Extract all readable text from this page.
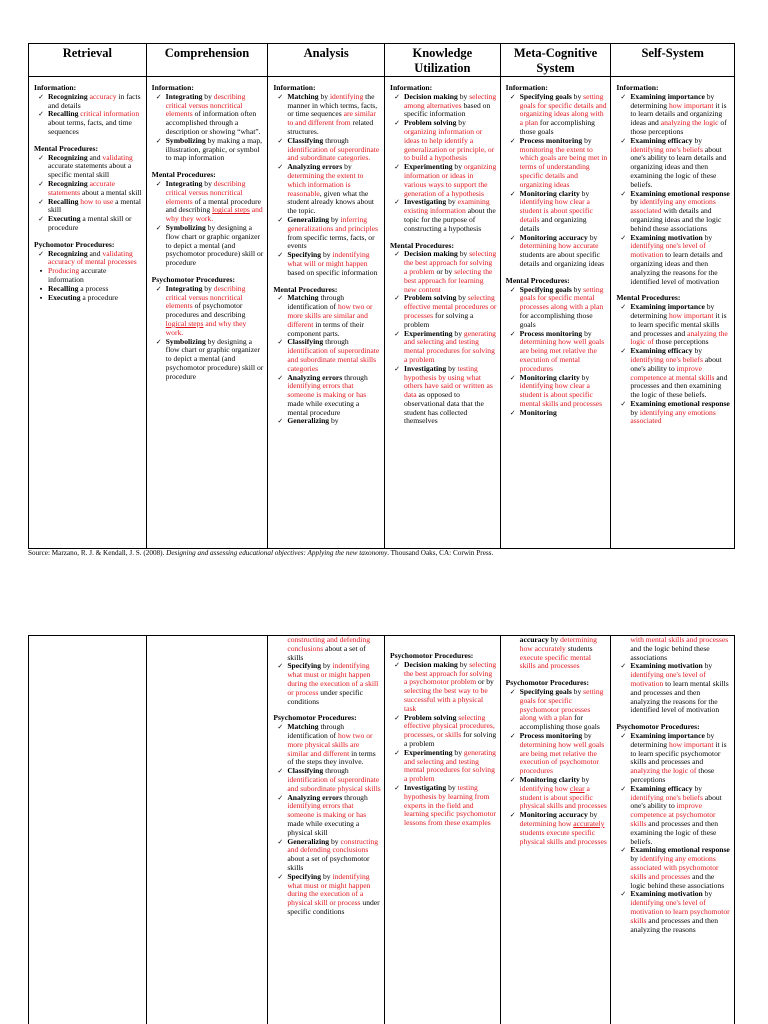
Retrieval
Information:
✓ Recognizing accuracy in facts and details
✓ Recalling critical information about terms, facts, and time sequences
Mental Procedures:
✓ Recognizing and validating accurate statements about a specific mental skill
✓ Recognizing accurate statements about a mental skill
✓ Recalling how to use a mental skill
✓ Executing a mental skill or procedure
Pychomotor Procedures:
✓ Recognizing and validating accuracy of mental processes
▪ Producing accurate information
▪ Recalling a process
▪ Executing a procedure
Comprehension
Information:
✓ Integrating by describing critical versus noncritical elements of information often accomplished through a description or showing “what”.
✓ Symbolizing by making a map, illustration, graphic, or symbol to map information
Mental Procedures:
✓ Integrating by describing critical versus noncritical elements of a mental procedure and describing logical steps and why they work.
✓ Symbolizing by designing a flow chart or graphic organizer to depict a mental (and psychomotor procedure) skill or procedure
Psychomotor Procedures:
✓ Integrating by describing critical versus noncritical elements of psychomotor procedures and describing logical steps and why they work.
✓ Symbolizing by designing a flow chart or graphic organizer to depict a mental (and psychomotor procedure) skill or procedure
Analysis
Information:
✓ Matching by identifying the manner in which terms, facts, or time sequences are similar to and different from related structures.
✓ Classifying through identification of superordinate and subordinate categories.
✓ Analyzing errors by determining the extent to which information is reasonable, given what the student already knows about the topic.
✓ Generalizing by inferring generalizations and principles from specific terms, facts, or events
✓ Specifying by indentifying what will or might happen based on specific information
Mental Procedures:
✓ Matching through identification of how two or more skills are similar and different in terms of their component parts.
✓ Classifying through identification of superordinate and subordinate mental skills categories
✓ Analyzing errors through identifying errors that someone is making or has made while executing a mental procedure
✓ Generalizing by
Knowledge Utilization
Information:
✓ Decision making by selecting among alternatives based on specific information
✓ Problem solving by organizing information or ideas to help identify a generalization or principle, or to build a hypothesis
✓ Experimenting by organizing information or ideas in various ways to support the generation of a hypothesis
✓ Investigating by examining existing information about the topic for the purpose of constructing a hypothesis
Mental Procedures:
✓ Decision making by selecting the best approach for solving a problem or by selecting the best approach for learning new content
✓ Problem solving by selecting effective mental procedures or processes for solving a problem
✓ Experimenting by generating and selecting and testing mental procedures for solving a problem
✓ Investigating by testing hypothesis by using what others have said or written as data as opposed to observational data that the student has collected themselves
Meta-Cognitive System
Information:
✓ Specifying goals by setting goals for specific details and organizing ideas along with a plan for accomplishing those goals
✓ Process monitoring by monitoring the extent to which goals are being met in terms of understanding specific details and organizing ideas
✓ Monitoring clarity by identifying how clear a student is about specific details and organizing details
✓ Monitoring accuracy by determining how accurate students are about specific details and organizing ideas
Mental Procedures:
✓ Specifying goals by setting goals for specific mental processes along with a plan for accomplishing those goals
✓ Process monitoring by determining how well goals are being met relative the execution of mental procedures
✓ Monitoring clarity by identifying how clear a student is about specific mental skills and processes
✓ Monitoring
Self-System
Information:
✓ Examining importance by determining how important it is to learn details and organizing ideas and analyzing the logic of those perceptions
✓ Examining efficacy by identifying one's beliefs about one's ability to learn details and organizing ideas and then examining the logic of these beliefs.
✓ Examining emotional response by identifying any emotions associated with details and organizing ideas and the logic behind these associations
✓ Examining motivation by identifying one's level of motivation to learn details and organizing ideas and then analyzing the reasons for the identified level of motivation
Mental Procedures:
✓ Examining importance by determining how important it is to learn specific mental skills and processes and analyzing the logic of those perceptions
✓ Examining efficacy by identifying one's beliefs about one's ability to improve competence at mental skills and processes and then examining the logic of these beliefs.
✓ Examining emotional response by identifying any emotions associated
Source: Marzano, R. J. & Kendall, J. S. (2008). Designing and assessing educational objectives: Applying the new taxonomy. Thousand Oaks, CA: Corwin Press.
constructing and defending conclusions about a set of skills
✓ Specifying by indentifying what must or might happen during the execution of a skill or process under specific conditions
Psychomotor Procedures:
✓ Matching through identification of how two or more physical skills are similar and different in terms of the steps they involve.
✓ Classifying through identification of superordinate and subordinate physical skills
✓ Analyzing errors through identifying errors that someone is making or has made while executing a physical skill
✓ Generalizing by constructing and defending conclusions about a set of psychomotor skills
✓ Specifying by indentifying what must or might happen during the execution of a physical skill or process under specific conditions
Psychomotor Procedures:
✓ Decision making by selecting the best approach for solving a psychomotor problem or by selecting the best way to be successful with a physical task
✓ Problem solving selecting effective physical procedures, processes, or skills for solving a problem
✓ Experimenting by generating and selecting and testing mental procedures for solving a problem
✓ Investigating by testing hypothesis by learning from experts in the field and learning specific psychomotor lessons from these examples
accuracy by determining how accurately students execute specific mental skills and processes
Psychomotor Procedures:
✓ Specifying goals by setting goals for specific psychomotor processes along with a plan for accomplishing those goals
✓ Process monitoring by determining how well goals are being met relative the execution of psychomotor procedures
✓ Monitoring clarity by identifying how clear a student is about specific physical skills and processes
✓ Monitoring accuracy by determining how accurately students execute specific physical skills and processes
with mental skills and processes and the logic behind these associations
✓ Examining motivation by identifying one's level of motivation to learn mental skills and processes and then analyzing the reasons for the identified level of motivation
Psychomotor Procedures:
✓ Examining importance by determining how important it is to learn specific psychomotor skills and processes and analyzing the logic of those perceptions
✓ Examining efficacy by identifying one's beliefs about one's ability to improve competence at psychomotor skills and processes and then examining the logic of these beliefs.
✓ Examining emotional response by identifying any emotions associated with psychomotor skills and processes and the logic behind these associations
✓ Examining motivation by identifying one's level of motivation to learn psychomotor skills and processes and then analyzing the reasons
